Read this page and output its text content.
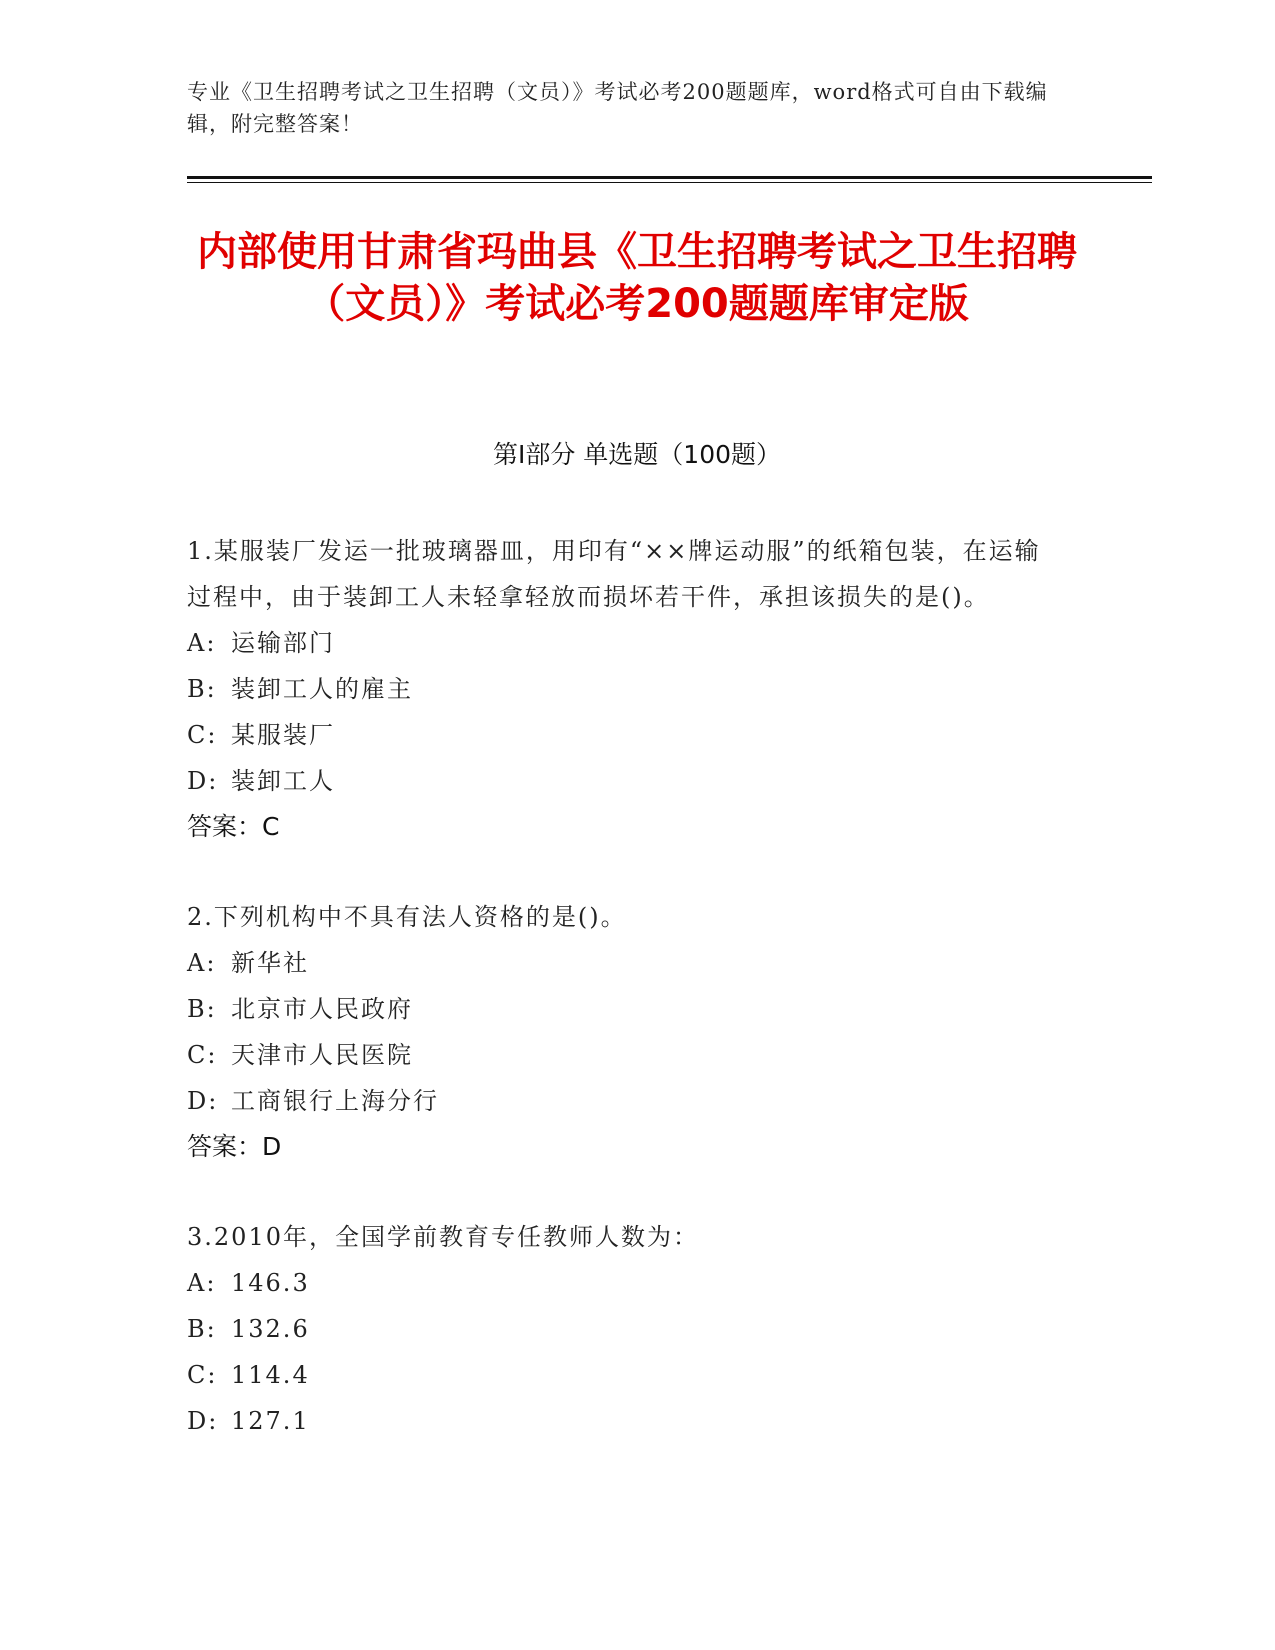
专业《卫生招聘考试之卫生招聘（文员）》考试必考200题题库，word格式可自由下载编辑，附完整答案！
内部使用甘肃省玛曲县《卫生招聘考试之卫生招聘（文员）》考试必考200题题库审定版
第I部分 单选题（100题）
1.某服装厂发运一批玻璃器皿，用印有“××牌运动服”的纸箱包装，在运输过程中，由于装卸工人未轻拿轻放而损坏若干件，承担该损失的是()。
A: 运输部门
B: 装卸工人的雇主
C: 某服装厂
D: 装卸工人
答案：C
2.下列机构中不具有法人资格的是()。
A: 新华社
B: 北京市人民政府
C: 天津市人民医院
D: 工商银行上海分行
答案：D
3.2010年，全国学前教育专任教师人数为：
A: 146.3
B: 132.6
C: 114.4
D: 127.1
